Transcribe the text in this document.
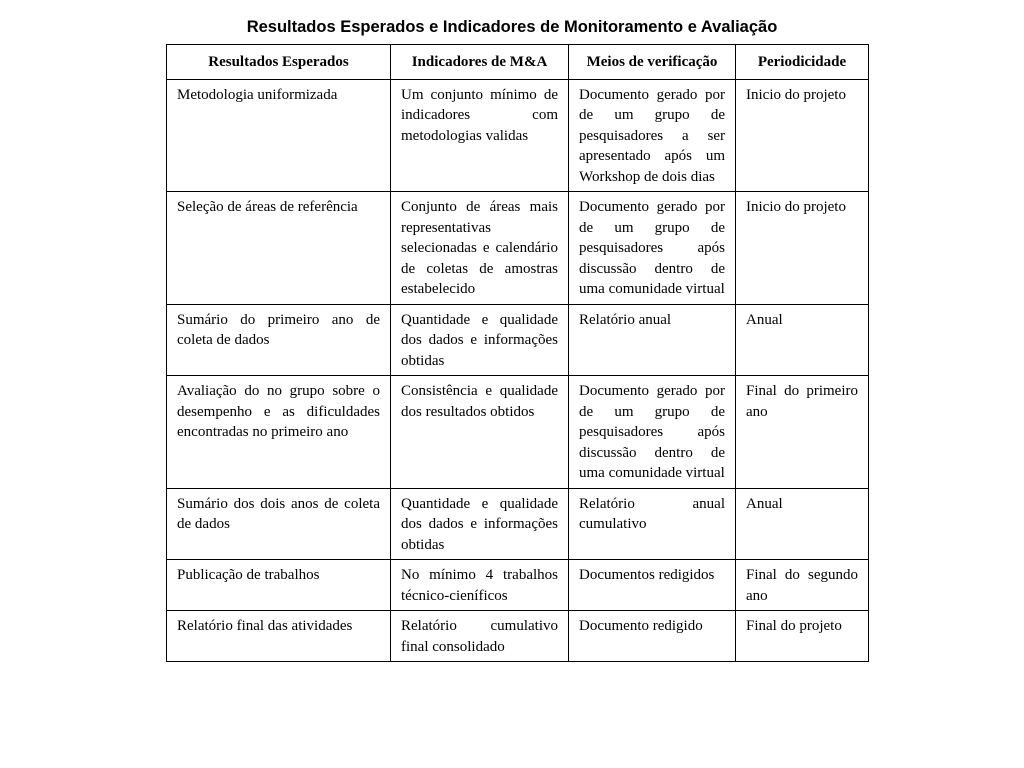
Resultados Esperados e Indicadores de Monitoramento e Avaliação
Resultados Esperados	Indicadores de M&A	Meios de verificação	Periodicidade
Metodologia uniformizada	Um conjunto mínimo de indicadores com metodologias validas	Documento gerado por de um grupo de pesquisadores a ser apresentado após um Workshop de dois dias	Inicio do projeto
Seleção de áreas de referência	Conjunto de áreas mais representativas selecionadas e calendário de coletas de amostras estabelecido	Documento gerado por de um grupo de pesquisadores após discussão dentro de uma comunidade virtual	Inicio do projeto
Sumário do primeiro ano de coleta de dados	Quantidade e qualidade dos dados e informações obtidas	Relatório anual	Anual
Avaliação do no grupo sobre o desempenho e as dificuldades encontradas no primeiro ano	Consistência e qualidade dos resultados obtidos	Documento gerado por de um grupo de pesquisadores após discussão dentro de uma comunidade virtual	Final do primeiro ano
Sumário dos dois anos de coleta de dados	Quantidade e qualidade dos dados e informações obtidas	Relatório anual cumulativo	Anual
Publicação de trabalhos	No mínimo 4 trabalhos técnico-cieníficos	Documentos redigidos	Final do segundo ano
Relatório final das atividades	Relatório cumulativo final consolidado	Documento redigido	Final do projeto
